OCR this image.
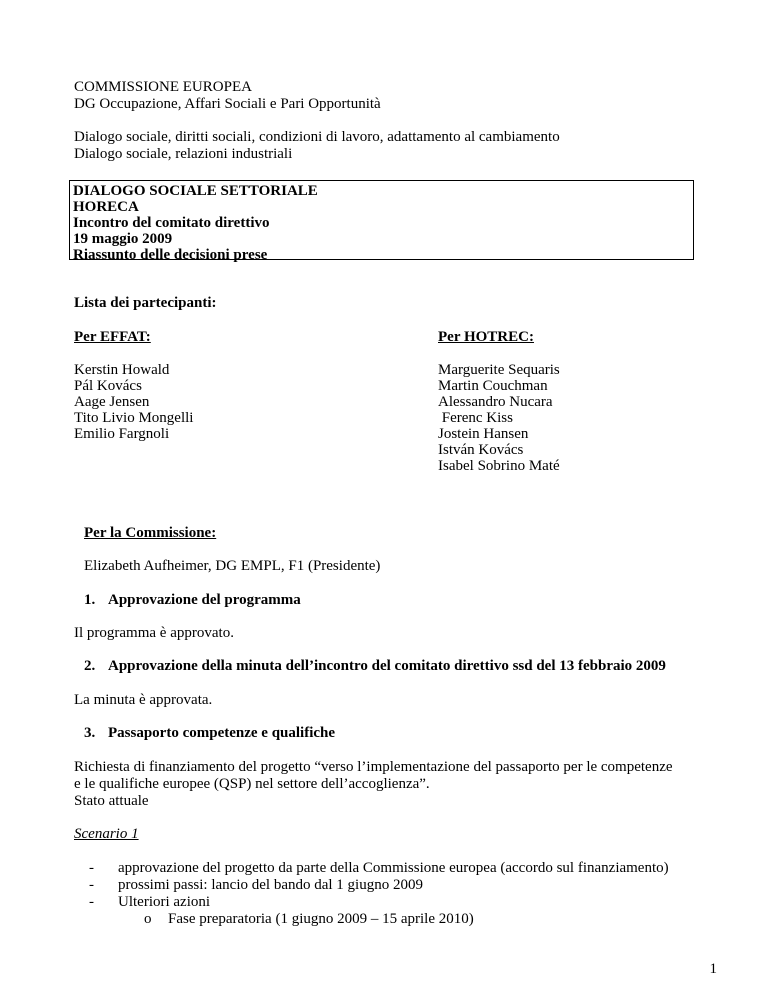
COMMISSIONE EUROPEA
DG Occupazione, Affari Sociali e Pari Opportunità
Dialogo sociale, diritti sociali, condizioni di lavoro, adattamento al cambiamento
Dialogo sociale, relazioni industriali
DIALOGO SOCIALE SETTORIALE
HORECA
Incontro del comitato direttivo
19 maggio 2009
Riassunto delle decisioni prese
Lista dei partecipanti:
Per EFFAT:	Per HOTREC:
Kerstin Howald
Pál Kovács
Aage Jensen
Tito Livio Mongelli
Emilio Fargnoli
Marguerite Sequaris
Martin Couchman
Alessandro Nucara
Ferenc Kiss
Jostein Hansen
István Kovács
Isabel Sobrino Maté
Per la Commissione:
Elizabeth Aufheimer, DG EMPL, F1 (Presidente)
1. Approvazione del programma
Il programma è approvato.
2. Approvazione della minuta dell’incontro del comitato direttivo ssd del 13 febbraio 2009
La minuta è approvata.
3. Passaporto competenze e qualifiche
Richiesta di finanziamento del progetto “verso l’implementazione del passaporto per le competenze
e le qualifiche europee (QSP) nel settore dell’accoglienza”.
Stato attuale
Scenario 1
- approvazione del progetto da parte della Commissione europea (accordo sul finanziamento)
- prossimi passi: lancio del bando dal 1 giugno 2009
- Ulteriori azioni
o Fase preparatoria (1 giugno 2009 – 15 aprile 2010)
1
